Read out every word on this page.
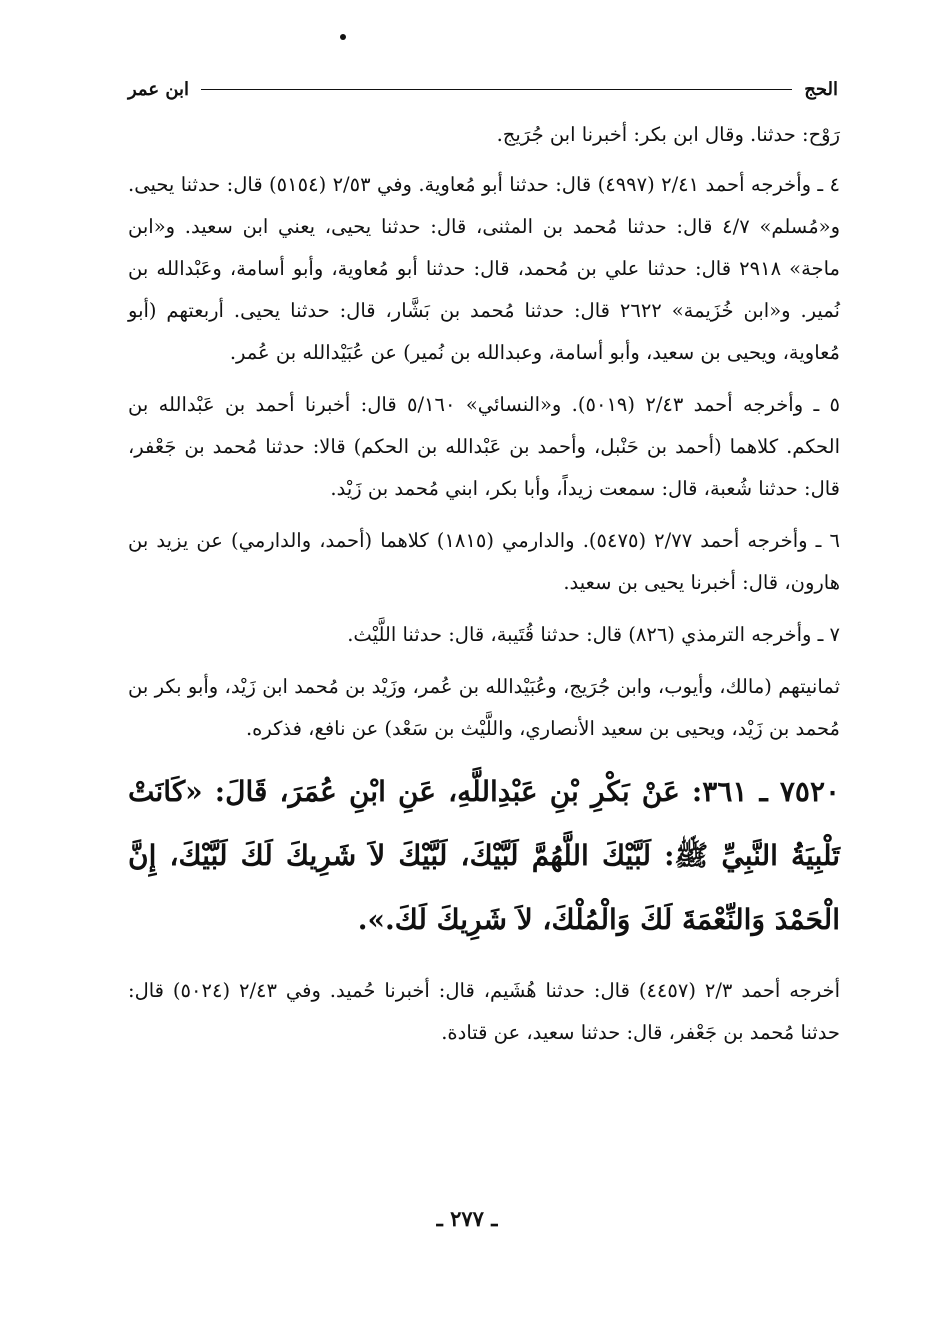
الحج
ابن عمر

رَوْح: حدثنا. وقال ابن بكر: أخبرنا ابن جُرَيج.

٤ ـ وأخرجه أحمد ٢/٤١ (٤٩٩٧) قال: حدثنا أبو مُعاوية. وفي ٢/٥٣ (٥١٥٤) قال: حدثنا يحيى. و«مُسلم» ٤/٧ قال: حدثنا مُحمد بن المثنى، قال: حدثنا يحيى، يعني ابن سعيد. و«ابن ماجة» ٢٩١٨ قال: حدثنا علي بن مُحمد، قال: حدثنا أبو مُعاوية، وأبو أسامة، وعَبْدالله بن نُمير. و«ابن خُزَيمة» ٢٦٢٢ قال: حدثنا مُحمد بن بَشَّار، قال: حدثنا يحيى. أربعتهم (أبو مُعاوية، ويحيى بن سعيد، وأبو أسامة، وعبدالله بن نُمير) عن عُبَيْدالله بن عُمر.

٥ ـ وأخرجه أحمد ٢/٤٣ (٥٠١٩). و«النسائي» ٥/١٦٠ قال: أخبرنا أحمد بن عَبْدالله بن الحكم. كلاهما (أحمد بن حَنْبل، وأحمد بن عَبْدالله بن الحكم) قالا: حدثنا مُحمد بن جَعْفر، قال: حدثنا شُعبة، قال: سمعت زيداً، وأبا بكر، ابني مُحمد بن زَيْد.

٦ ـ وأخرجه أحمد ٢/٧٧ (٥٤٧٥). والدارمي (١٨١٥) كلاهما (أحمد، والدارمي) عن يزيد بن هارون، قال: أخبرنا يحيى بن سعيد.

٧ ـ وأخرجه الترمذي (٨٢٦) قال: حدثنا قُتَيبة، قال: حدثنا اللَّيْث.

ثمانيتهم (مالك، وأيوب، وابن جُرَيج، وعُبَيْدالله بن عُمر، وزَيْد بن مُحمد ابن زَيْد، وأبو بكر بن مُحمد بن زَيْد، ويحيى بن سعيد الأنصاري، واللَّيْث بن سَعْد) عن نافع، فذكره.

٧٥٢٠ ـ ٣٦١: عَنْ بَكْرِ بْنِ عَبْدِاللَّهِ، عَنِ ابْنِ عُمَرَ، قَالَ: «كَانَتْ تَلْبِيَةُ النَّبِيِّ ﷺ: لَبَّيْكَ اللَّهُمَّ لَبَّيْكَ، لَبَّيْكَ لاَ شَرِيكَ لَكَ لَبَّيْكَ، إِنَّ الْحَمْدَ وَالنِّعْمَةَ لَكَ وَالْمُلْكَ، لاَ شَرِيكَ لَكَ.».

أخرجه أحمد ٢/٣ (٤٤٥٧) قال: حدثنا هُشَيم، قال: أخبرنا حُميد. وفي ٢/٤٣ (٥٠٢٤) قال: حدثنا مُحمد بن جَعْفر، قال: حدثنا سعيد، عن قتادة.

ـ ٢٧٧ ـ
